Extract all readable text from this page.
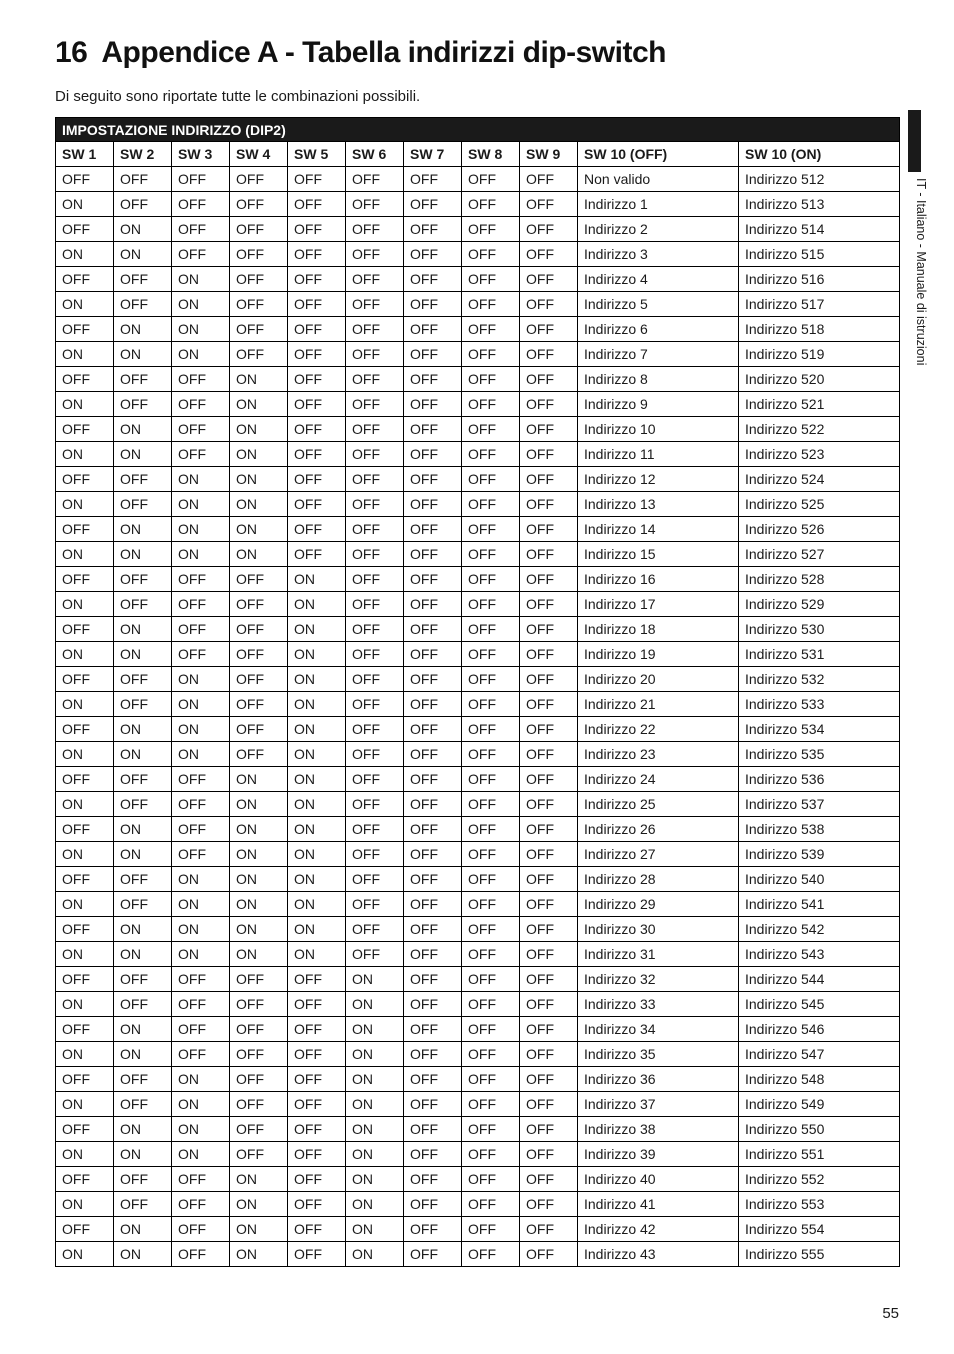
16 Appendice A - Tabella indirizzi dip-switch
Di seguito sono riportate tutte le combinazioni possibili.
IMPOSTAZIONE INDIRIZZO (DIP2)										
SW 1	SW 2	SW 3	SW 4	SW 5	SW 6	SW 7	SW 8	SW 9	SW 10 (OFF)	SW 10 (ON)
OFF	OFF	OFF	OFF	OFF	OFF	OFF	OFF	OFF	Non valido	Indirizzo 512
ON	OFF	OFF	OFF	OFF	OFF	OFF	OFF	OFF	Indirizzo 1	Indirizzo 513
OFF	ON	OFF	OFF	OFF	OFF	OFF	OFF	OFF	Indirizzo 2	Indirizzo 514
ON	ON	OFF	OFF	OFF	OFF	OFF	OFF	OFF	Indirizzo 3	Indirizzo 515
OFF	OFF	ON	OFF	OFF	OFF	OFF	OFF	OFF	Indirizzo 4	Indirizzo 516
ON	OFF	ON	OFF	OFF	OFF	OFF	OFF	OFF	Indirizzo 5	Indirizzo 517
OFF	ON	ON	OFF	OFF	OFF	OFF	OFF	OFF	Indirizzo 6	Indirizzo 518
ON	ON	ON	OFF	OFF	OFF	OFF	OFF	OFF	Indirizzo 7	Indirizzo 519
OFF	OFF	OFF	ON	OFF	OFF	OFF	OFF	OFF	Indirizzo 8	Indirizzo 520
ON	OFF	OFF	ON	OFF	OFF	OFF	OFF	OFF	Indirizzo 9	Indirizzo 521
OFF	ON	OFF	ON	OFF	OFF	OFF	OFF	OFF	Indirizzo 10	Indirizzo 522
ON	ON	OFF	ON	OFF	OFF	OFF	OFF	OFF	Indirizzo 11	Indirizzo 523
OFF	OFF	ON	ON	OFF	OFF	OFF	OFF	OFF	Indirizzo 12	Indirizzo 524
ON	OFF	ON	ON	OFF	OFF	OFF	OFF	OFF	Indirizzo 13	Indirizzo 525
OFF	ON	ON	ON	OFF	OFF	OFF	OFF	OFF	Indirizzo 14	Indirizzo 526
ON	ON	ON	ON	OFF	OFF	OFF	OFF	OFF	Indirizzo 15	Indirizzo 527
OFF	OFF	OFF	OFF	ON	OFF	OFF	OFF	OFF	Indirizzo 16	Indirizzo 528
ON	OFF	OFF	OFF	ON	OFF	OFF	OFF	OFF	Indirizzo 17	Indirizzo 529
OFF	ON	OFF	OFF	ON	OFF	OFF	OFF	OFF	Indirizzo 18	Indirizzo 530
ON	ON	OFF	OFF	ON	OFF	OFF	OFF	OFF	Indirizzo 19	Indirizzo 531
OFF	OFF	ON	OFF	ON	OFF	OFF	OFF	OFF	Indirizzo 20	Indirizzo 532
ON	OFF	ON	OFF	ON	OFF	OFF	OFF	OFF	Indirizzo 21	Indirizzo 533
OFF	ON	ON	OFF	ON	OFF	OFF	OFF	OFF	Indirizzo 22	Indirizzo 534
ON	ON	ON	OFF	ON	OFF	OFF	OFF	OFF	Indirizzo 23	Indirizzo 535
OFF	OFF	OFF	ON	ON	OFF	OFF	OFF	OFF	Indirizzo 24	Indirizzo 536
ON	OFF	OFF	ON	ON	OFF	OFF	OFF	OFF	Indirizzo 25	Indirizzo 537
OFF	ON	OFF	ON	ON	OFF	OFF	OFF	OFF	Indirizzo 26	Indirizzo 538
ON	ON	OFF	ON	ON	OFF	OFF	OFF	OFF	Indirizzo 27	Indirizzo 539
OFF	OFF	ON	ON	ON	OFF	OFF	OFF	OFF	Indirizzo 28	Indirizzo 540
ON	OFF	ON	ON	ON	OFF	OFF	OFF	OFF	Indirizzo 29	Indirizzo 541
OFF	ON	ON	ON	ON	OFF	OFF	OFF	OFF	Indirizzo 30	Indirizzo 542
ON	ON	ON	ON	ON	OFF	OFF	OFF	OFF	Indirizzo 31	Indirizzo 543
OFF	OFF	OFF	OFF	OFF	ON	OFF	OFF	OFF	Indirizzo 32	Indirizzo 544
ON	OFF	OFF	OFF	OFF	ON	OFF	OFF	OFF	Indirizzo 33	Indirizzo 545
OFF	ON	OFF	OFF	OFF	ON	OFF	OFF	OFF	Indirizzo 34	Indirizzo 546
ON	ON	OFF	OFF	OFF	ON	OFF	OFF	OFF	Indirizzo 35	Indirizzo 547
OFF	OFF	ON	OFF	OFF	ON	OFF	OFF	OFF	Indirizzo 36	Indirizzo 548
ON	OFF	ON	OFF	OFF	ON	OFF	OFF	OFF	Indirizzo 37	Indirizzo 549
OFF	ON	ON	OFF	OFF	ON	OFF	OFF	OFF	Indirizzo 38	Indirizzo 550
ON	ON	ON	OFF	OFF	ON	OFF	OFF	OFF	Indirizzo 39	Indirizzo 551
OFF	OFF	OFF	ON	OFF	ON	OFF	OFF	OFF	Indirizzo 40	Indirizzo 552
ON	OFF	OFF	ON	OFF	ON	OFF	OFF	OFF	Indirizzo 41	Indirizzo 553
OFF	ON	OFF	ON	OFF	ON	OFF	OFF	OFF	Indirizzo 42	Indirizzo 554
ON	ON	OFF	ON	OFF	ON	OFF	OFF	OFF	Indirizzo 43	Indirizzo 555
IT - Italiano - Manuale di istruzioni
55
